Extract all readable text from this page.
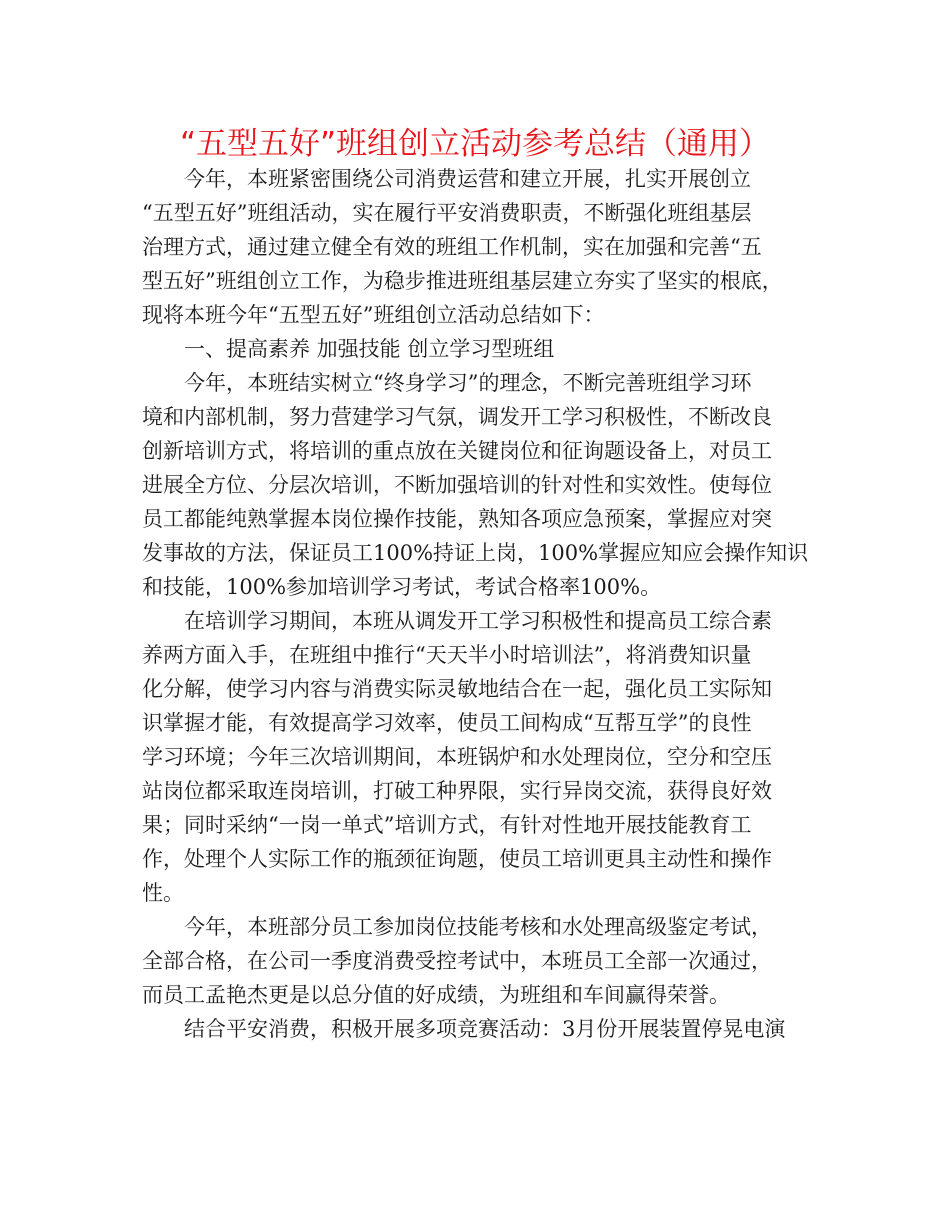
“五型五好”班组创立活动参考总结（通用）
今年，本班紧密围绕公司消费运营和建立开展，扎实开展创立
“五型五好”班组活动，实在履行平安消费职责，不断强化班组基层
治理方式，通过建立健全有效的班组工作机制，实在加强和完善“五
型五好”班组创立工作，为稳步推进班组基层建立夯实了坚实的根底，
现将本班今年“五型五好”班组创立活动总结如下：
一、提高素养 加强技能 创立学习型班组
今年，本班结实树立“终身学习”的理念，不断完善班组学习环
境和内部机制，努力营建学习气氛，调发开工学习积极性，不断改良
创新培训方式，将培训的重点放在关键岗位和征询题设备上，对员工
进展全方位、分层次培训，不断加强培训的针对性和实效性。使每位
员工都能纯熟掌握本岗位操作技能，熟知各项应急预案，掌握应对突
发事故的方法，保证员工100%持证上岗，100%掌握应知应会操作知识
和技能，100%参加培训学习考试，考试合格率100%。
在培训学习期间，本班从调发开工学习积极性和提高员工综合素
养两方面入手，在班组中推行“天天半小时培训法”，将消费知识量
化分解，使学习内容与消费实际灵敏地结合在一起，强化员工实际知
识掌握才能，有效提高学习效率，使员工间构成“互帮互学”的良性
学习环境；今年三次培训期间，本班锅炉和水处理岗位，空分和空压
站岗位都采取连岗培训，打破工种界限，实行异岗交流，获得良好效
果；同时采纳“一岗一单式”培训方式，有针对性地开展技能教育工
作，处理个人实际工作的瓶颈征询题，使员工培训更具主动性和操作
性。
今年，本班部分员工参加岗位技能考核和水处理高级鉴定考试，
全部合格，在公司一季度消费受控考试中，本班员工全部一次通过，
而员工孟艳杰更是以总分值的好成绩，为班组和车间赢得荣誉。
结合平安消费，积极开展多项竞赛活动：3月份开展装置停晃电演
